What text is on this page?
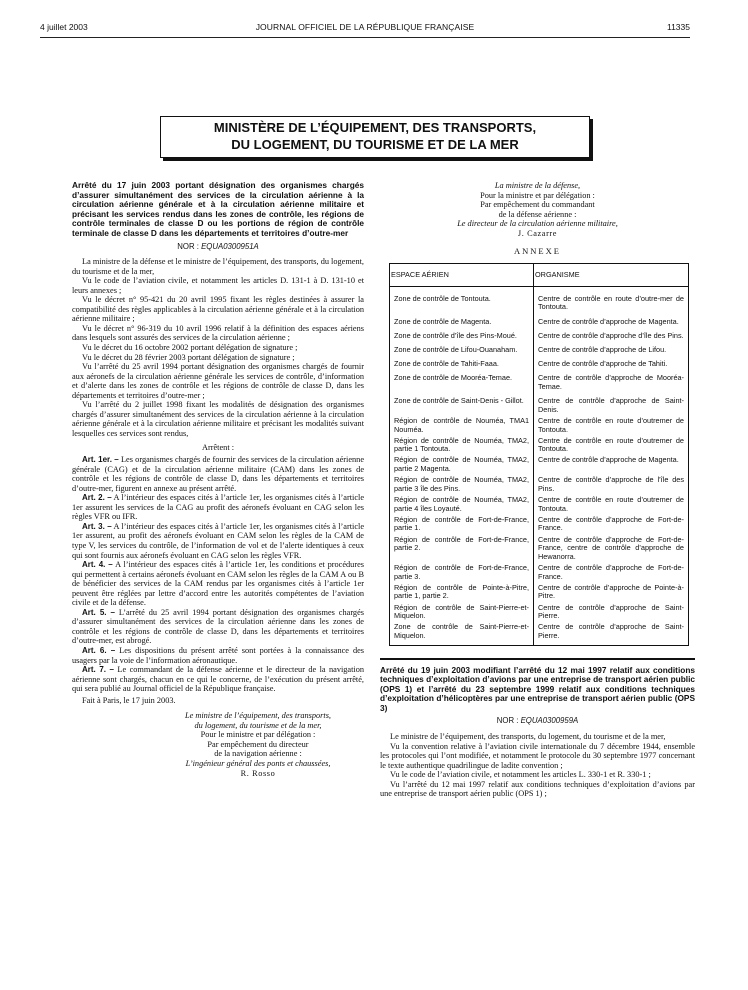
4 juillet 2003	JOURNAL OFFICIEL DE LA RÉPUBLIQUE FRANÇAISE	11335
MINISTÈRE DE L’ÉQUIPEMENT, DES TRANSPORTS,
DU LOGEMENT, DU TOURISME ET DE LA MER

Arrêté du 17 juin 2003 portant désignation des organismes chargés d’assurer simultanément des services de la circulation aérienne à la circulation aérienne générale et à la circulation aérienne militaire et précisant les services rendus dans les zones de contrôle, les régions de contrôle terminales de classe D ou les portions de région de contrôle terminale de classe D dans les départements et territoires d’outre-mer

NOR : EQUA0300951A

La ministre de la défense et le ministre de l’équipement, des transports, du logement, du tourisme et de la mer,

Vu le code de l’aviation civile, et notamment les articles D. 131-1 à D. 131-10 et leurs annexes ;

Vu le décret n° 95-421 du 20 avril 1995 fixant les règles destinées à assurer la compatibilité des règles applicables à la circulation aérienne générale et à la circulation aérienne militaire ;

Vu le décret n° 96-319 du 10 avril 1996 relatif à la définition des espaces aériens dans lesquels sont assurés des services de la circulation aérienne ;

Vu le décret du 16 octobre 2002 portant délégation de signature ;

Vu le décret du 28 février 2003 portant délégation de signature ;

Vu l’arrêté du 25 avril 1994 portant désignation des organismes chargés de fournir aux aéronefs de la circulation aérienne générale les services de contrôle, d’information et d’alerte dans les zones de contrôle et les régions de contrôle de classe D, dans les départements et territoires d’outre-mer ;

Vu l’arrêté du 2 juillet 1998 fixant les modalités de désignation des organismes chargés d’assurer simultanément des services de la circulation aérienne à la circulation aérienne générale et à la circulation aérienne militaire et précisant les modalités suivant lesquelles ces services sont rendus,

Arrêtent :

Art. 1er. – Les organismes chargés de fournir des services de la circulation aérienne générale (CAG) et de la circulation aérienne militaire (CAM) dans les zones de contrôle et les régions de contrôle de classe D, dans les départements et territoires d’outre-mer, figurent en annexe au présent arrêté.

Art. 2. – A l’intérieur des espaces cités à l’article 1er, les organismes cités à l’article 1er assurent les services de la CAG au profit des aéronefs évoluant en CAG selon les règles VFR ou IFR.

Art. 3. – A l’intérieur des espaces cités à l’article 1er, les organismes cités à l’article 1er assurent, au profit des aéronefs évoluant en CAM selon les règles de la CAM de type V, les services du contrôle, de l’information de vol et de l’alerte identiques à ceux qui sont fournis aux aéronefs évoluant en CAG selon les règles VFR.

Art. 4. – A l’intérieur des espaces cités à l’article 1er, les conditions et procédures qui permettent à certains aéronefs évoluant en CAM selon les règles de la CAM A ou B de bénéficier des services de la CAM rendus par les organismes cités à l’article 1er peuvent être réglées par lettre d’accord entre les autorités compétentes de l’aviation civile et de la défense.

Art. 5. – L’arrêté du 25 avril 1994 portant désignation des organismes chargés d’assurer simultanément des services de la circulation aérienne dans les zones de contrôle et les régions de contrôle de classe D, dans les départements et territoires d’outre-mer, est abrogé.

Art. 6. – Les dispositions du présent arrêté sont portées à la connaissance des usagers par la voie de l’information aéronautique.

Art. 7. – Le commandant de la défense aérienne et le directeur de la navigation aérienne sont chargés, chacun en ce qui le concerne, de l’exécution du présent arrêté, qui sera publié au Journal officiel de la République française.

Fait à Paris, le 17 juin 2003.

Le ministre de l’équipement, des transports,

du logement, du tourisme et de la mer,

Pour le ministre et par délégation :

Par empêchement du directeur

de la navigation aérienne :

L’ingénieur général des ponts et chaussées,

R. Rosso

La ministre de la défense,

Pour la ministre et par délégation :

Par empêchement du commandant

de la défense aérienne :

Le directeur de la circulation aérienne militaire,

J. Cazarre

ANNEXE

ESPACE AÉRIEN	ORGANISME
Zone de contrôle de Tontouta.	Centre de contrôle en route d’outre-mer de Tontouta.
Zone de contrôle de Magenta.	Centre de contrôle d’approche de Magenta.
Zone de contrôle d’île des Pins-Moué.	Centre de contrôle d’approche d’île des Pins.
Zone de contrôle de Lifou-Ouanaham.	Centre de contrôle d’approche de Lifou.
Zone de contrôle de Tahiti-Faaa.	Centre de contrôle d’approche de Tahiti.
Zone de contrôle de Mooréa-Temae.	Centre de contrôle d’approche de Mooréa-Temae.
Zone de contrôle de Saint-Denis - Gillot.	Centre de contrôle d’approche de Saint-Denis.
Région de contrôle de Nouméa, TMA1 Nouméa.	Centre de contrôle en route d’outremer de Tontouta.
Région de contrôle de Nouméa, TMA2, partie 1 Tontouta.	Centre de contrôle en route d’outremer de Tontouta.
Région de contrôle de Nouméa, TMA2, partie 2 Magenta.	Centre de contrôle d’approche de Magenta.
Région de contrôle de Nouméa, TMA2, partie 3 île des Pins.	Centre de contrôle d’approche de l’île des Pins.
Région de contrôle de Nouméa, TMA2, partie 4 îles Loyauté.	Centre de contrôle en route d’outremer de Tontouta.
Région de contrôle de Fort-de-France, partie 1.	Centre de contrôle d’approche de Fort-de-France.
Région de contrôle de Fort-de-France, partie 2.	Centre de contrôle d’approche de Fort-de-France, centre de contrôle d’approche de Hewanorra.
Région de contrôle de Fort-de-France, partie 3.	Centre de contrôle d’approche de Fort-de-France.
Région de contrôle de Pointe-à-Pitre, partie 1, partie 2.	Centre de contrôle d’approche de Pointe-à-Pitre.
Région de contrôle de Saint-Pierre-et-Miquelon.	Centre de contrôle d’approche de Saint-Pierre.
Zone de contrôle de Saint-Pierre-et-Miquelon.	Centre de contrôle d’approche de Saint-Pierre.

Arrêté du 19 juin 2003 modifiant l’arrêté du 12 mai 1997 relatif aux conditions techniques d’exploitation d’avions par une entreprise de transport aérien public (OPS 1) et l’arrêté du 23 septembre 1999 relatif aux conditions techniques d’exploitation d’hélicoptères par une entreprise de transport aérien public (OPS 3)

NOR : EQUA0300959A

Le ministre de l’équipement, des transports, du logement, du tourisme et de la mer,

Vu la convention relative à l’aviation civile internationale du 7 décembre 1944, ensemble les protocoles qui l’ont modifiée, et notamment le protocole du 30 septembre 1977 concernant le texte authentique quadrilingue de ladite convention ;

Vu le code de l’aviation civile, et notamment les articles L. 330-1 et R. 330-1 ;

Vu l’arrêté du 12 mai 1997 relatif aux conditions techniques d’exploitation d’avions par une entreprise de transport aérien public (OPS 1) ;
